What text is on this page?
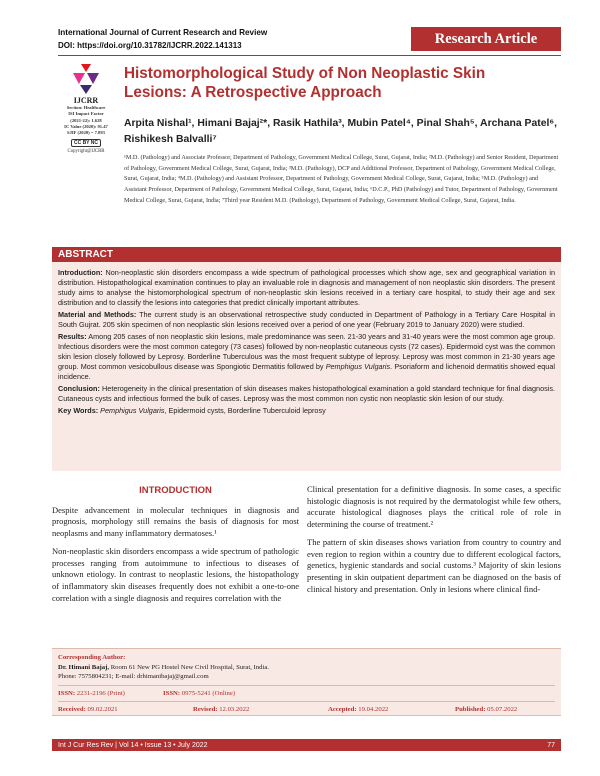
International Journal of Current Research and Review
DOI: https://doi.org/10.31782/IJCRR.2022.141313	Research Article
IJCRR
Section: Healthcare
ISI Impact Factor
(2021-22): 1.628
IC Value (2020): 91.47
SJIF (2020) = 7.893
CC BY NC
Copyright@IJCRR
Histomorphological Study of Non Neoplastic Skin Lesions: A Retrospective Approach
Arpita Nishal¹, Himani Bajaj²*, Rasik Hathila³, Mubin Patel⁴, Pinal Shah⁵, Archana Patel⁶, Rishikesh Balvalli⁷
¹M.D. (Pathology) and Associate Professor, Department of Pathology, Government Medical College, Surat, Gujarat, India; ²M.D. (Pathology) and Senior Resident, Department of Pathology, Government Medical College, Surat, Gujarat, India; ³M.D. (Pathology), DCP and Additional Professor, Department of Pathology, Government Medical College, Surat, Gujarat, India; ⁴M.D. (Pathology) and Assistant Professor, Department of Pathology, Government Medical College, Surat, Gujarat, India; ⁵M.D. (Pathology) and Assistant Professor, Department of Pathology, Government Medical College, Surat, Gujarat, India; ⁶D.C.P., PhD (Pathology) and Tutor, Department of Pathology, Government Medical College, Surat, Gujarat, India; ⁷Third year Resident M.D. (Pathology), Department of Pathology, Government Medical College, Surat, Gujarat, India.
ABSTRACT

Introduction: Non-neoplastic skin disorders encompass a wide spectrum of pathological processes which show age, sex and geographical variation in distribution. Histopathological examination continues to play an invaluable role in diagnosis and management of non neoplastic skin disorders. The present study aims to analyse the histomorphological spectrum of non-neoplastic skin lesions received in a tertiary care hospital, to study their age and sex distribution and to classify the lesions into categories that predict clinically important attributes.

Material and Methods: The current study is an observational retrospective study conducted in Department of Pathology in a Tertiary Care Hospital in South Gujrat. 205 skin specimen of non neoplastic skin lesions received over a period of one year (February 2019 to January 2020) were studied.

Results: Among 205 cases of non neoplastic skin lesions, male predominance was seen. 21-30 years and 31-40 years were the most common age group. Infectious disorders were the most common category (73 cases) followed by non-neoplastic cutaneous cysts (72 cases). Epidermoid cyst was the common skin lesion closely followed by Leprosy. Borderline Tuberculous was the most frequent subtype of leprosy. Leprosy was most common in 21-30 years age group. Most common vesicobullous disease was Spongiotic Dermatitis followed by Pemphigus Vulgaris. Psoriaform and lichenoid dermatitis showed equal incidence.

Conclusion: Heterogeneity in the clinical presentation of skin diseases makes histopathological examination a gold standard technique for final diagnosis. Cutaneous cysts and infectious formed the bulk of cases. Leprosy was the most common non cystic non neoplastic skin lesion of our study.

Key Words: Pemphigus Vulgaris, Epidermoid cysts, Borderline Tuberculoid leprosy

INTRODUCTION

Despite advancement in molecular techniques in diagnosis and prognosis, morphology still remains the basis of diagnosis for most neoplasms and many inflammatory dermatoses.¹

Non-neoplastic skin disorders encompass a wide spectrum of pathologic processes ranging from autoimmune to infectious to diseases of unknown etiology. In contrast to neoplastic lesions, the histopathology of inflammatory skin diseases frequently does not exhibit a one-to-one correlation with a single diagnosis and requires correlation with the

Clinical presentation for a definitive diagnosis. In some cases, a specific histologic diagnosis is not required by the dermatologist while few others, accurate histological diagnoses plays the critical role of role in determining the course of treatment.²

The pattern of skin diseases shows variation from country to country and even region to region within a country due to different ecological factors, genetics, hygienic standards and social customs.³ Majority of skin lesions presenting in skin outpatient department can be diagnosed on the basis of clinical history and presentation. Only in lesions where clinical find-

Corresponding Author:
Dr. Himani Bajaj, Room 61 New PG Hostel New Civil Hospital, Surat, India.
Phone: 7575804231; E-mail: drhimanibajaj@gmail.com
ISSN: 2231-2196 (Print)	ISSN: 0975-5241 (Online)
Received: 09.02.2021	Revised: 12.03.2022	Accepted: 19.04.2022	Published: 05.07.2022
Int J Cur Res Rev | Vol 14 • Issue 13 • July 2022	77
